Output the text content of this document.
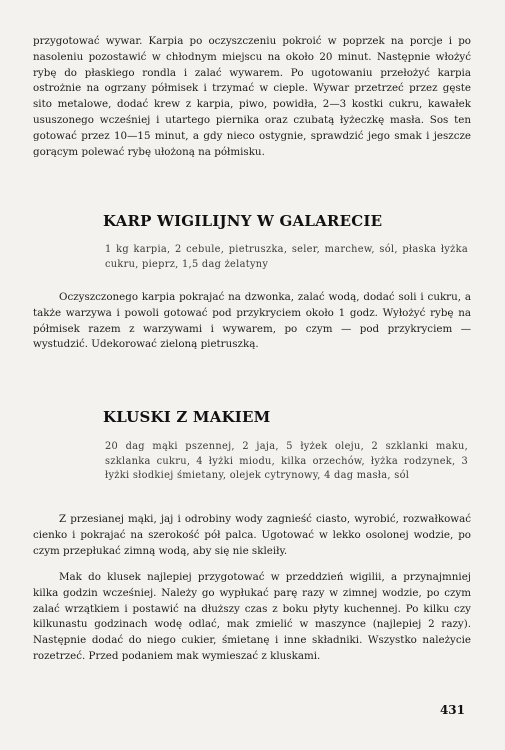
przygotować wywar. Karpia po oczyszczeniu pokroić w poprzek na porcje i po nasoleniu pozostawić w chłodnym miejscu na około 20 minut. Następnie włożyć rybę do płaskiego rondla i zalać wywarem. Po ugotowaniu przełożyć karpia ostrożnie na ogrzany półmisek i trzymać w cieple. Wywar przetrzeć przez gęste sito metalowe, dodać krew z karpia, piwo, powidła, 2—3 kostki cukru, kawałek ususzonego wcześniej i utartego piernika oraz czubatą łyżeczkę masła. Sos ten gotować przez 10—15 minut, a gdy nieco ostygnie, sprawdzić jego smak i jeszcze gorącym polewać rybę ułożoną na półmisku.

KARP WIGILIJNY W GALARECIE

1 kg karpia, 2 cebule, pietruszka, seler, marchew, sól, płaska łyżka cukru, pieprz, 1,5 dag żelatyny

Oczyszczonego karpia pokrajać na dzwonka, zalać wodą, dodać soli i cukru, a także warzywa i powoli gotować pod przykryciem około 1 godz. Wyłożyć rybę na półmisek razem z warzywami i wywarem, po czym — pod przykryciem — wystudzić. Udekorować zieloną pietruszką.

KLUSKI Z MAKIEM

20 dag mąki pszennej, 2 jaja, 5 łyżek oleju, 2 szklanki maku, szklanka cukru, 4 łyżki miodu, kilka orzechów, łyżka rodzynek, 3 łyżki słodkiej śmietany, olejek cytrynowy, 4 dag masła, sól

Z przesianej mąki, jaj i odrobiny wody zagnieść ciasto, wyrobić, rozwałkować cienko i pokrajać na szerokość pół palca. Ugotować w lekko osolonej wodzie, po czym przepłukać zimną wodą, aby się nie skleiły.

Mak do klusek najlepiej przygotować w przeddzień wigilii, a przynajmniej kilka godzin wcześniej. Należy go wypłukać parę razy w zimnej wodzie, po czym zalać wrzątkiem i postawić na dłuższy czas z boku płyty kuchennej. Po kilku czy kilkunastu godzinach wodę odlać, mak zmielić w maszynce (najlepiej 2 razy). Następnie dodać do niego cukier, śmietanę i inne składniki. Wszystko należycie rozetrzeć. Przed podaniem mak wymieszać z kluskami.

431
